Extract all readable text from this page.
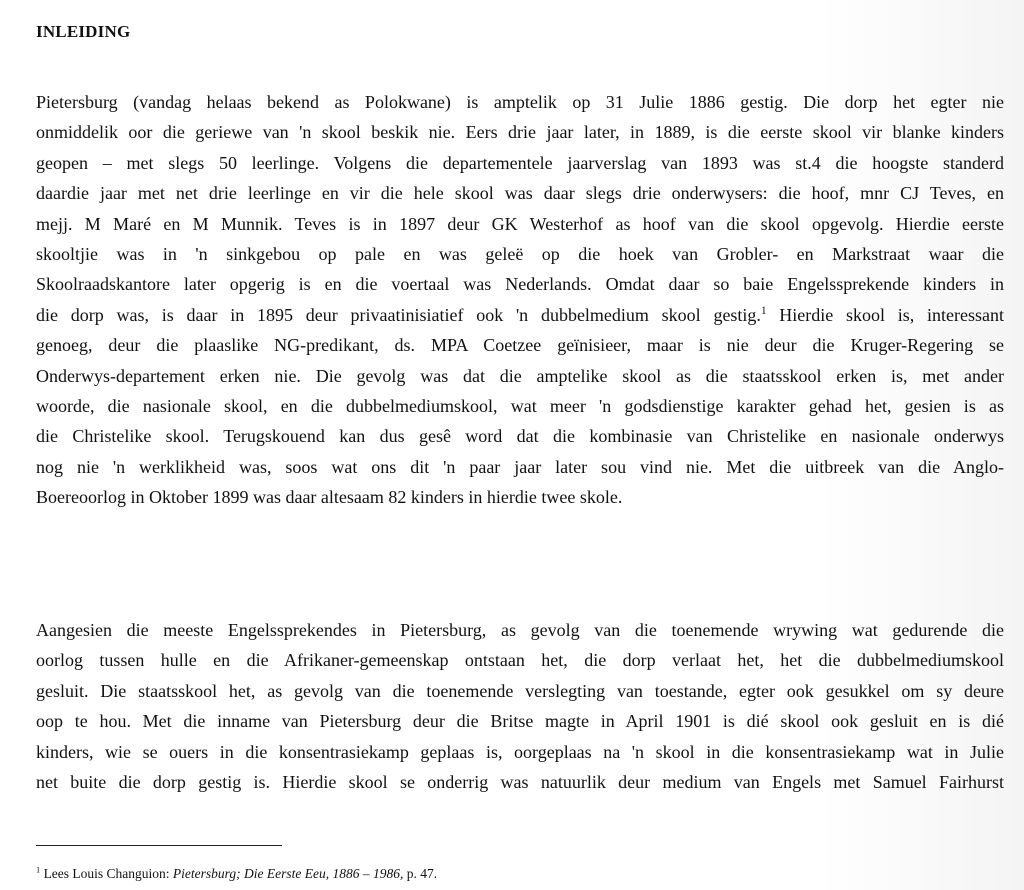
INLEIDING
Pietersburg (vandag helaas bekend as Polokwane) is amptelik op 31 Julie 1886 gestig. Die dorp het egter nie
onmiddelik oor die geriewe van 'n skool beskik nie. Eers drie jaar later, in 1889, is die eerste skool vir blanke kinders
geopen – met slegs 50 leerlinge. Volgens die departementele jaarverslag van 1893 was st.4 die hoogste standerd
daardie jaar met net drie leerlinge en vir die hele skool was daar slegs drie onderwysers: die hoof, mnr CJ Teves, en
mejj. M Maré en M Munnik. Teves is in 1897 deur GK Westerhof as hoof van die skool opgevolg. Hierdie eerste
skooltjie was in 'n sinkgebou op pale en was geleë op die hoek van Grobler- en Markstraat waar die
Skoolraadskantore later opgerig is en die voertaal was Nederlands. Omdat daar so baie Engelssprekende kinders in
die dorp was, is daar in 1895 deur privaatinisiatief ook 'n dubbelmedium skool gestig.$^1$ Hierdie skool is, interessant
genoeg, deur die plaaslike NG-predikant, ds. MPA Coetzee geïnisieer, maar is nie deur die Kruger-Regering se
Onderwys-departement erken nie. Die gevolg was dat die amptelike skool as die staatsskool erken is, met ander
woorde, die nasionale skool, en die dubbelmediumskool, wat meer 'n godsdienstige karakter gehad het, gesien is as
die Christelike skool. Terugskouend kan dus gesê word dat die kombinasie van Christelike en nasionale onderwys
nog nie 'n werklikheid was, soos wat ons dit 'n paar jaar later sou vind nie. Met die uitbreek van die Anglo-
Boereoorlog in Oktober 1899 was daar altesaam 82 kinders in hierdie twee skole.
Aangesien die meeste Engelssprekendes in Pietersburg, as gevolg van die toenemende wrywing wat gedurende die
oorlog tussen hulle en die Afrikaner-gemeenskap ontstaan het, die dorp verlaat het, het die dubbelmediumskool
gesluit. Die staatsskool het, as gevolg van die toenemende verslegting van toestande, egter ook gesukkel om sy deure
oop te hou. Met die inname van Pietersburg deur die Britse magte in April 1901 is dié skool ook gesluit en is dié
kinders, wie se ouers in die konsentrasiekamp geplaas is, oorgeplaas na 'n skool in die konsentrasiekamp wat in Julie
net buite die dorp gestig is. Hierdie skool se onderrig was natuurlik deur medium van Engels met Samuel Fairhurst
$^1$ Lees Louis Changuion: Pietersburg; Die Eerste Eeu, 1886 – 1986, p. 47.
